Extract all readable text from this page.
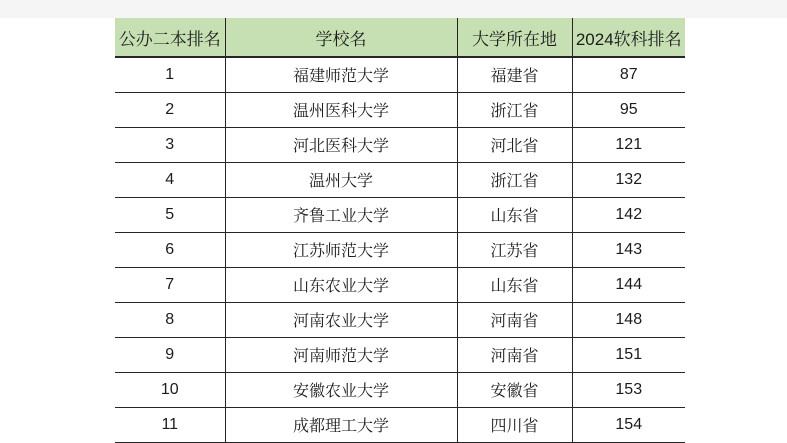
公办二本排名	学校名	大学所在地	2024软科排名
1	福建师范大学	福建省	87
2	温州医科大学	浙江省	95
3	河北医科大学	河北省	121
4	温州大学	浙江省	132
5	齐鲁工业大学	山东省	142
6	江苏师范大学	江苏省	143
7	山东农业大学	山东省	144
8	河南农业大学	河南省	148
9	河南师范大学	河南省	151
10	安徽农业大学	安徽省	153
11	成都理工大学	四川省	154
